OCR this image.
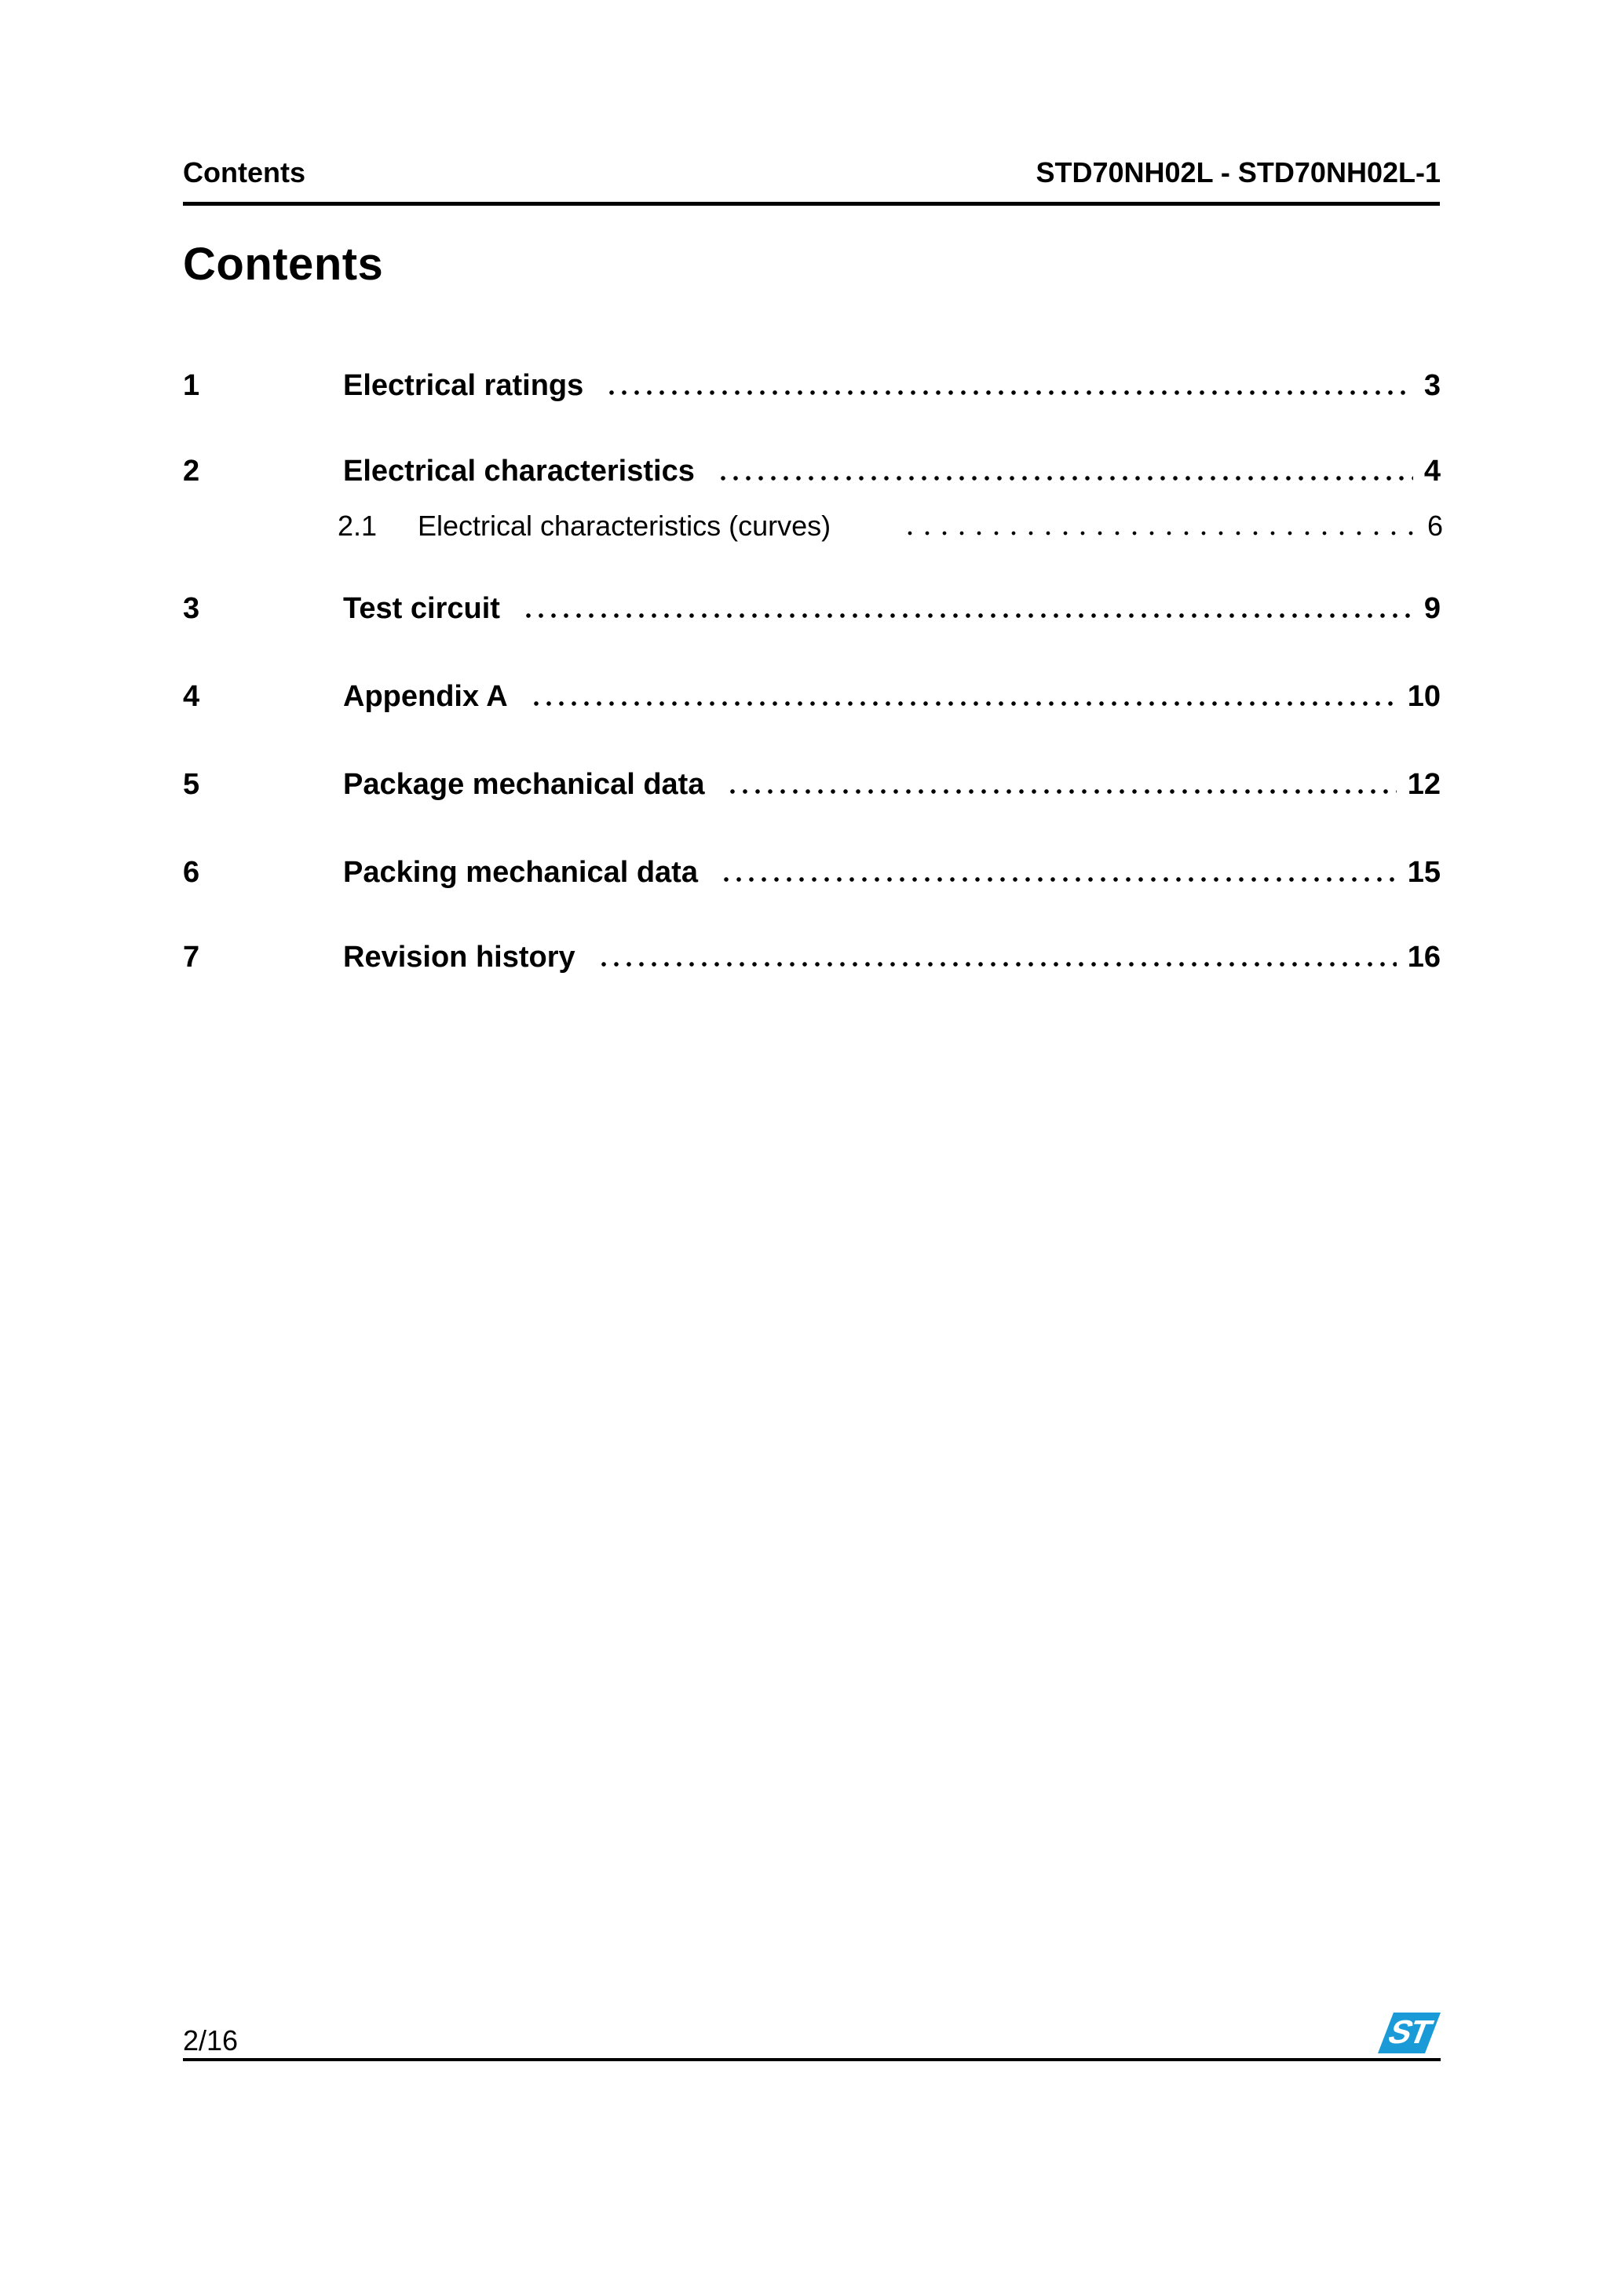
Contents	STD70NH02L - STD70NH02L-1
Contents
1	Electrical ratings	3
2	Electrical characteristics	4
2.1	Electrical characteristics (curves)	6
3	Test circuit	9
4	Appendix A	10
5	Package mechanical data	12
6	Packing mechanical data	15
7	Revision history	16
2/16	ST
